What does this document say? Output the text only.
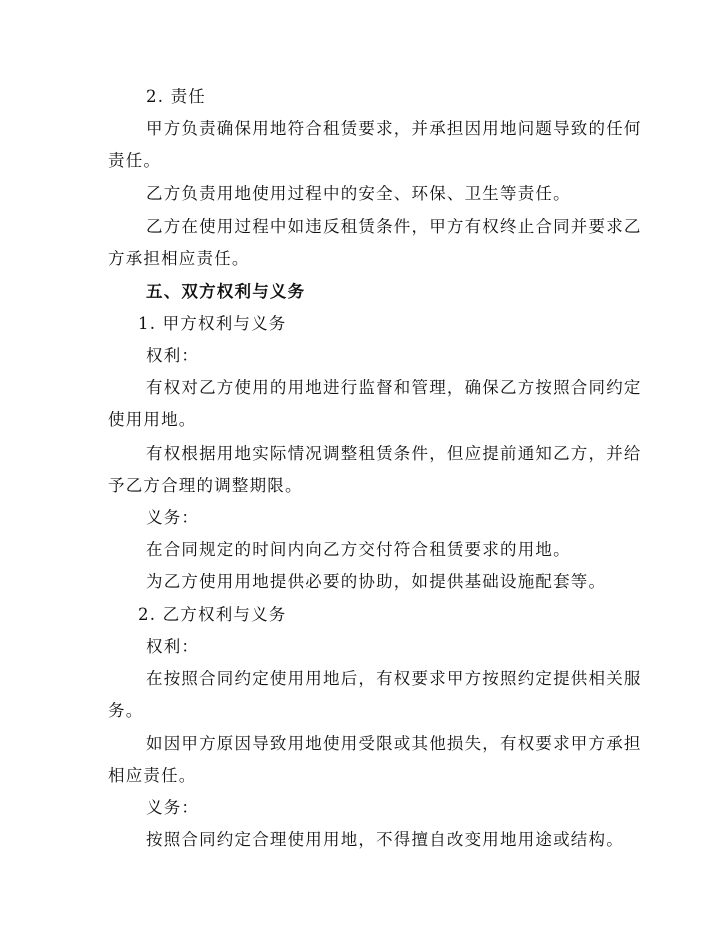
2. 责任
甲方负责确保用地符合租赁要求，并承担因用地问题导致的任何
责任。
乙方负责用地使用过程中的安全、环保、卫生等责任。
乙方在使用过程中如违反租赁条件，甲方有权终止合同并要求乙
方承担相应责任。
五、双方权利与义务
1. 甲方权利与义务
权利：
有权对乙方使用的用地进行监督和管理，确保乙方按照合同约定
使用用地。
有权根据用地实际情况调整租赁条件，但应提前通知乙方，并给
予乙方合理的调整期限。
义务：
在合同规定的时间内向乙方交付符合租赁要求的用地。
为乙方使用用地提供必要的协助，如提供基础设施配套等。
2. 乙方权利与义务
权利：
在按照合同约定使用用地后，有权要求甲方按照约定提供相关服
务。
如因甲方原因导致用地使用受限或其他损失，有权要求甲方承担
相应责任。
义务：
按照合同约定合理使用用地，不得擅自改变用地用途或结构。
